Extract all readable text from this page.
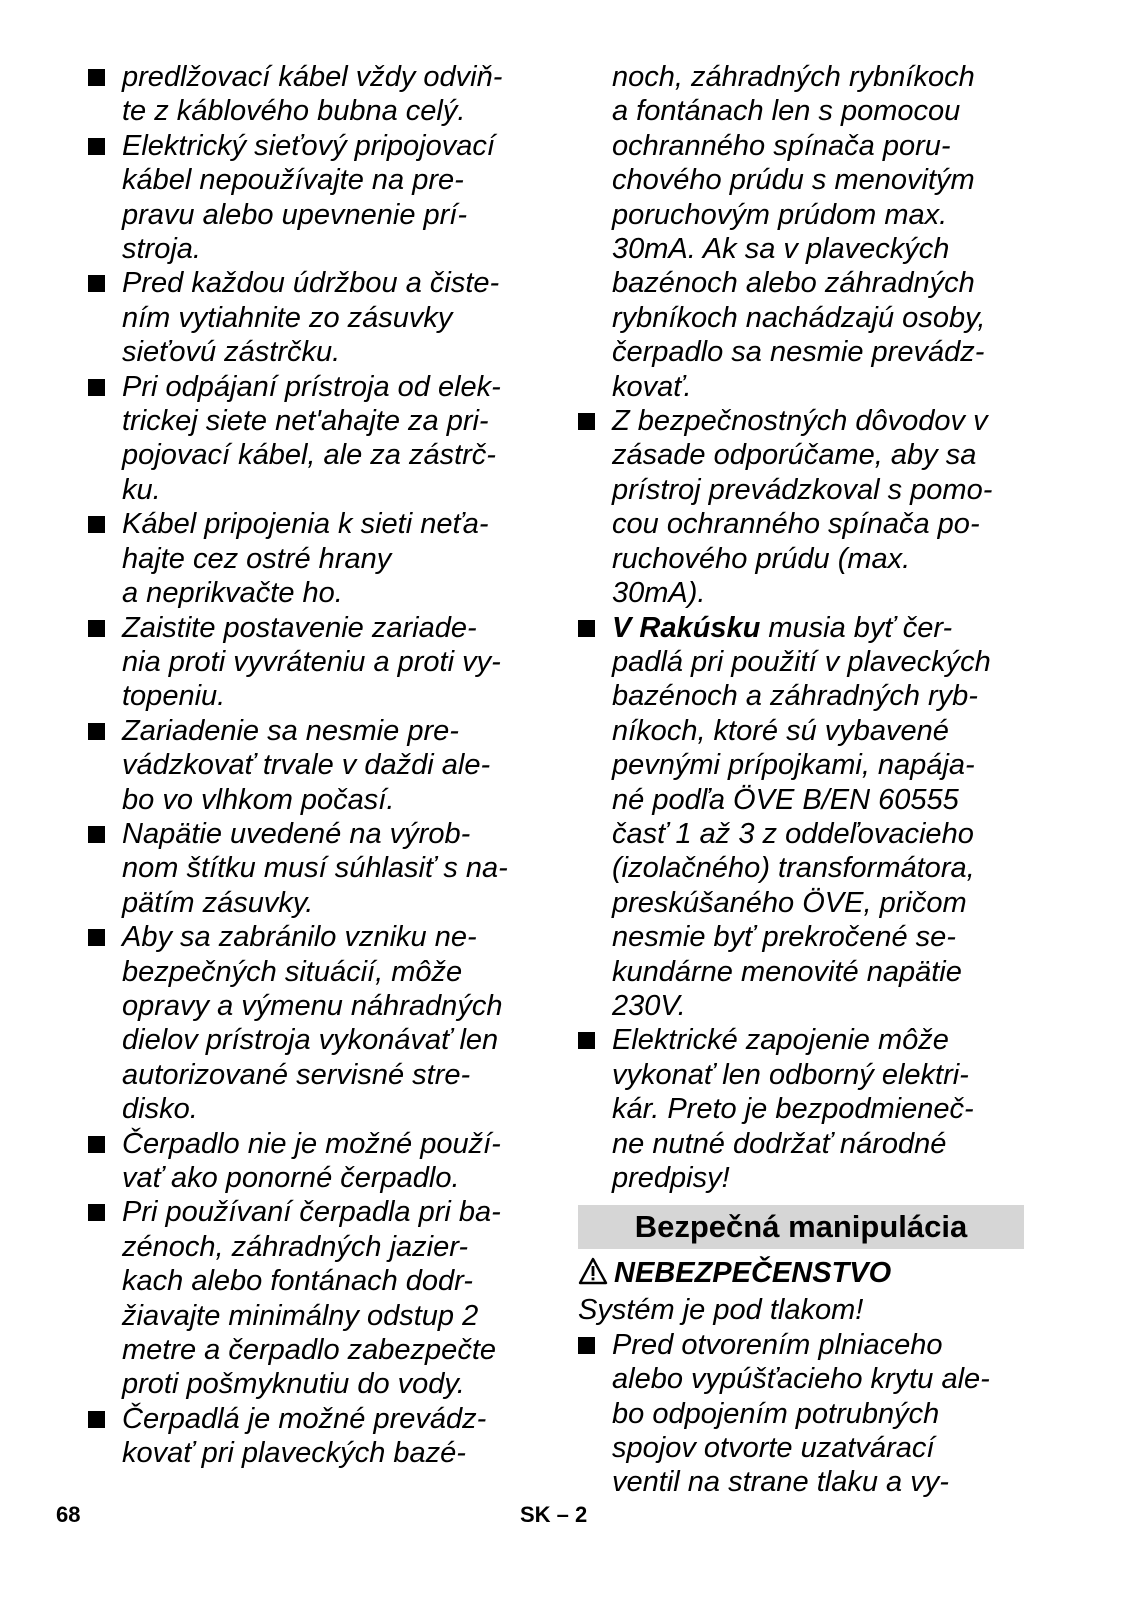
predlžovací kábel vždy odviň-
te z káblového bubna celý.
Elektrický sieťový pripojovací
kábel nepoužívajte na pre-
pravu alebo upevnenie prí-
stroja.
Pred každou údržbou a čiste-
ním vytiahnite zo zásuvky
sieťovú zástrčku.
Pri odpájaní prístroja od elek-
trickej siete net'ahajte za pri-
pojovací kábel, ale za zástrč-
ku.
Kábel pripojenia k sieti neťa-
hajte cez ostré hrany
a neprikvačte ho.
Zaistite postavenie zariade-
nia proti vyvráteniu a proti vy-
topeniu.
Zariadenie sa nesmie pre-
vádzkovať trvale v daždi ale-
bo vo vlhkom počasí.
Napätie uvedené na výrob-
nom štítku musí súhlasiť s na-
pätím zásuvky.
Aby sa zabránilo vzniku ne-
bezpečných situácií, môže
opravy a výmenu náhradných
dielov prístroja vykonávať len
autorizované servisné stre-
disko.
Čerpadlo nie je možné použí-
vať ako ponorné čerpadlo.
Pri používaní čerpadla pri ba-
zénoch, záhradných jazier-
kach alebo fontánach dodr-
žiavajte minimálny odstup 2
metre a čerpadlo zabezpečte
proti pošmyknutiu do vody.
Čerpadlá je možné prevádz-
kovať pri plaveckých bazé-
noch, záhradných rybníkoch
a fontánach len s pomocou
ochranného spínača poru-
chového prúdu s menovitým
poruchovým prúdom max.
30mA. Ak sa v plaveckých
bazénoch alebo záhradných
rybníkoch nachádzajú osoby,
čerpadlo sa nesmie prevádz-
kovať.
Z bezpečnostných dôvodov v
zásade odporúčame, aby sa
prístroj prevádzkoval s pomo-
cou ochranného spínača po-
ruchového prúdu (max.
30mA).
V Rakúsku musia byť čer-
padlá pri použití v plaveckých
bazénoch a záhradných ryb-
níkoch, ktoré sú vybavené
pevnými prípojkami, napája-
né podľa ÖVE B/EN 60555
časť 1 až 3 z oddeľovacieho
(izolačného) transformátora,
preskúšaného ÖVE, pričom
nesmie byť prekročené se-
kundárne menovité napätie
230V.
Elektrické zapojenie môže
vykonať len odborný elektri-
kár. Preto je bezpodmieneč-
ne nutné dodržať národné
predpisy!
Bezpečná manipulácia
NEBEZPEČENSTVO
Systém je pod tlakom!
Pred otvorením plniaceho
alebo vypúšťacieho krytu ale-
bo odpojením potrubných
spojov otvorte uzatvárací
ventil na strane tlaku a vy-
68	SK – 2
